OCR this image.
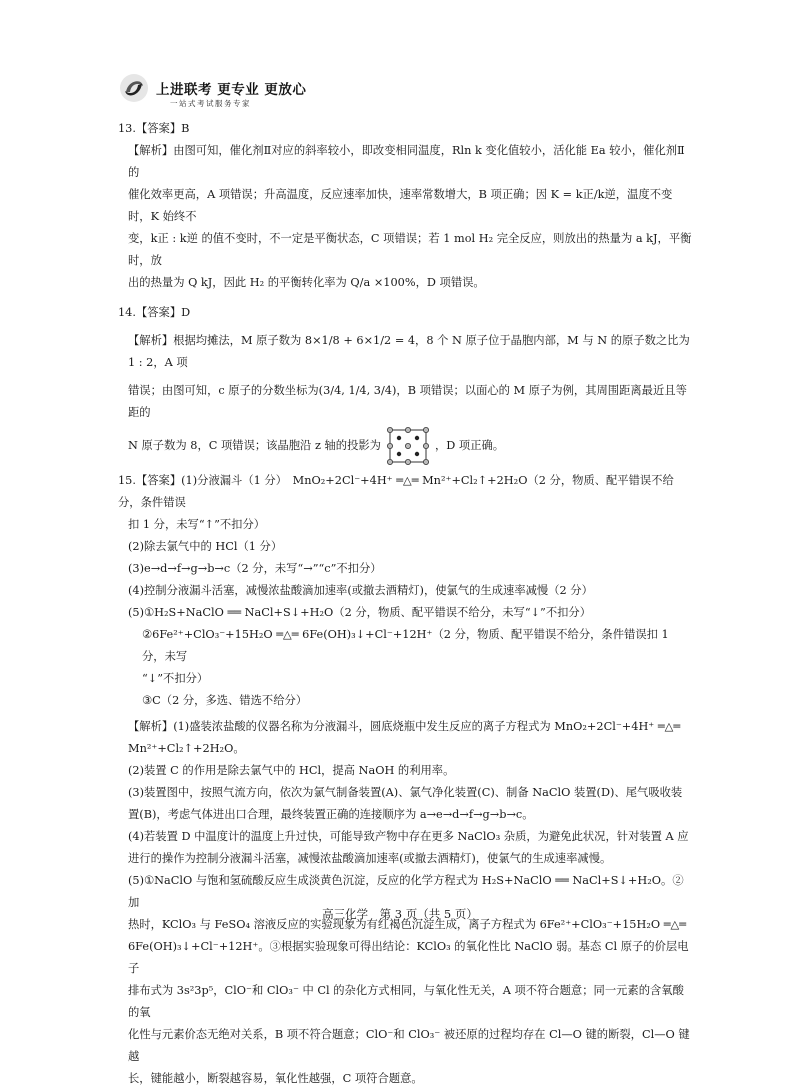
上进联考 更专业 更放心
一站式考试服务专家

13.【答案】B

【解析】由图可知，催化剂Ⅱ对应的斜率较小，即改变相同温度，Rln k 变化值较小，活化能 Ea 较小，催化剂Ⅱ的

催化效率更高，A 项错误；升高温度，反应速率加快，速率常数增大，B 项正确；因 K = k正/k逆，温度不变时，K 始终不

变，k正 : k逆 的值不变时，不一定是平衡状态，C 项错误；若 1 mol H₂ 完全反应，则放出的热量为 a kJ，平衡时，放

出的热量为 Q kJ，因此 H₂ 的平衡转化率为 Q/a ×100%，D 项错误。

14.【答案】D

【解析】根据均摊法，M 原子数为 8×1/8 + 6×1/2 = 4，8 个 N 原子位于晶胞内部，M 与 N 的原子数之比为 1 : 2，A 项

错误；由图可知，c 原子的分数坐标为(3/4, 1/4, 3/4)，B 项错误；以面心的 M 原子为例，其周围距离最近且等距的

N 原子数为 8，C 项错误；该晶胞沿 z 轴的投影为	，D 项正确。

15.【答案】(1)分液漏斗（1 分）　MnO₂+2Cl⁻+4H⁺ ═△═ Mn²⁺+Cl₂↑+2H₂O（2 分，物质、配平错误不给分，条件错误

扣 1 分，未写“↑”不扣分）

(2)除去氯气中的 HCl（1 分）

(3)e→d→f→g→b→c（2 分，未写“→”“c”不扣分）

(4)控制分液漏斗活塞，减慢浓盐酸滴加速率(或撤去酒精灯)，使氯气的生成速率减慢（2 分）

(5)①H₂S+NaClO ══ NaCl+S↓+H₂O（2 分，物质、配平错误不给分，未写“↓”不扣分）

②6Fe²⁺+ClO₃⁻+15H₂O ═△═ 6Fe(OH)₃↓+Cl⁻+12H⁺（2 分，物质、配平错误不给分，条件错误扣 1 分，未写

“↓”不扣分）

③C（2 分，多选、错选不给分）

【解析】(1)盛装浓盐酸的仪器名称为分液漏斗，圆底烧瓶中发生反应的离子方程式为 MnO₂+2Cl⁻+4H⁺ ═△═

Mn²⁺+Cl₂↑+2H₂O。

(2)装置 C 的作用是除去氯气中的 HCl，提高 NaOH 的利用率。

(3)装置图中，按照气流方向，依次为氯气制备装置(A)、氯气净化装置(C)、制备 NaClO 装置(D)、尾气吸收装

置(B)，考虑气体进出口合理，最终装置正确的连接顺序为 a→e→d→f→g→b→c。

(4)若装置 D 中温度计的温度上升过快，可能导致产物中存在更多 NaClO₃ 杂质，为避免此状况，针对装置 A 应

进行的操作为控制分液漏斗活塞，减慢浓盐酸滴加速率(或撤去酒精灯)，使氯气的生成速率减慢。

(5)①NaClO 与饱和氢硫酸反应生成淡黄色沉淀，反应的化学方程式为 H₂S+NaClO ══ NaCl+S↓+H₂O。②加

热时，KClO₃ 与 FeSO₄ 溶液反应的实验现象为有红褐色沉淀生成，离子方程式为 6Fe²⁺+ClO₃⁻+15H₂O ═△═

6Fe(OH)₃↓+Cl⁻+12H⁺。③根据实验现象可得出结论：KClO₃ 的氧化性比 NaClO 弱。基态 Cl 原子的价层电子

排布式为 3s²3p⁵，ClO⁻和 ClO₃⁻ 中 Cl 的杂化方式相同，与氧化性无关，A 项不符合题意；同一元素的含氧酸的氧

化性与元素价态无绝对关系，B 项不符合题意；ClO⁻和 ClO₃⁻ 被还原的过程均存在 Cl—O 键的断裂，Cl—O 键越

长，键能越小，断裂越容易，氧化性越强，C 项符合题意。

高三化学　第 3 页（共 5 页）
